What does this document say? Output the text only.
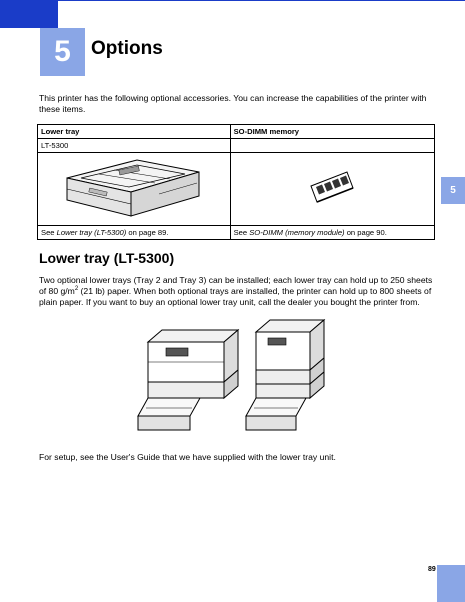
5 Options

This printer has the following optional accessories. You can increase the capabilities of the printer with these items.

Lower tray	SO-DIMM memory
LT-5300	

See Lower tray (LT-5300) on page 89.	See SO-DIMM (memory module) on page 90.
5
Lower tray (LT-5300)

Two optional lower trays (Tray 2 and Tray 3) can be installed; each lower tray can hold up to 250 sheets of 80 $g/m^2$ (21 lb) paper. When both optional trays are installed, the printer can hold up to 800 sheets of plain paper. If you want to buy an optional lower tray unit, call the dealer you bought the printer from.

For setup, see the User's Guide that we have supplied with the lower tray unit.

89
